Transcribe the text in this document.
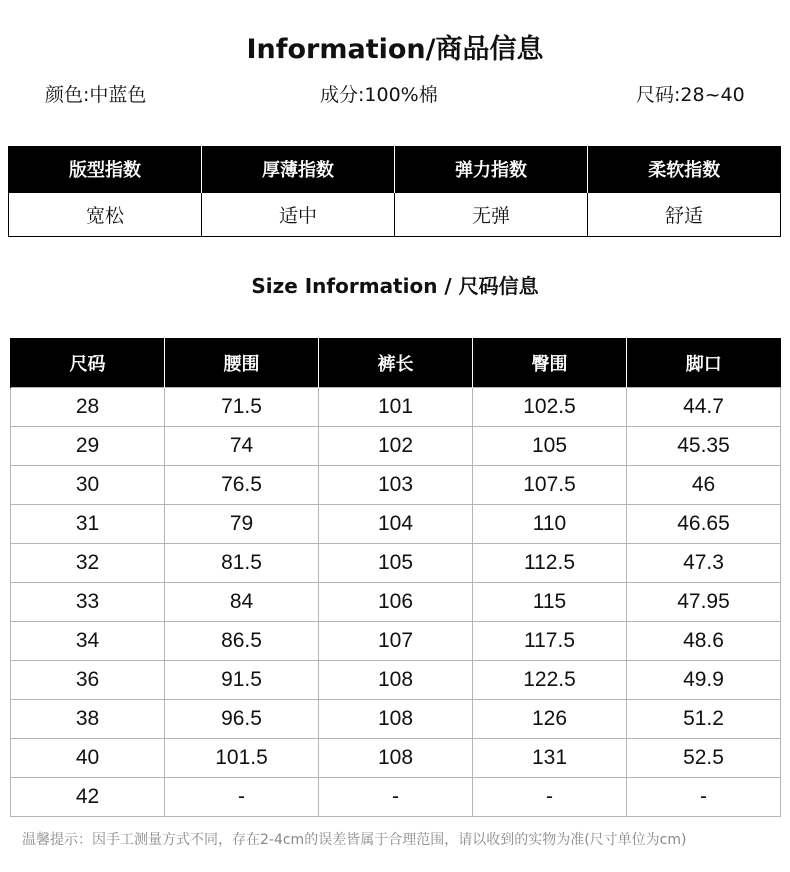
Information/商品信息
颜色:中蓝色	成分:100%棉	尺码:28~40
版型指数	厚薄指数	弹力指数	柔软指数
宽松	适中	无弹	舒适
Size Information / 尺码信息
尺码	腰围	裤长	臀围	脚口
28	71.5	101	102.5	44.7
29	74	102	105	45.35
30	76.5	103	107.5	46
31	79	104	110	46.65
32	81.5	105	112.5	47.3
33	84	106	115	47.95
34	86.5	107	117.5	48.6
36	91.5	108	122.5	49.9
38	96.5	108	126	51.2
40	101.5	108	131	52.5
42	-	-	-	-
温馨提示：因手工测量方式不同，存在2-4cm的误差皆属于合理范围，请以收到的实物为准(尺寸单位为cm)
